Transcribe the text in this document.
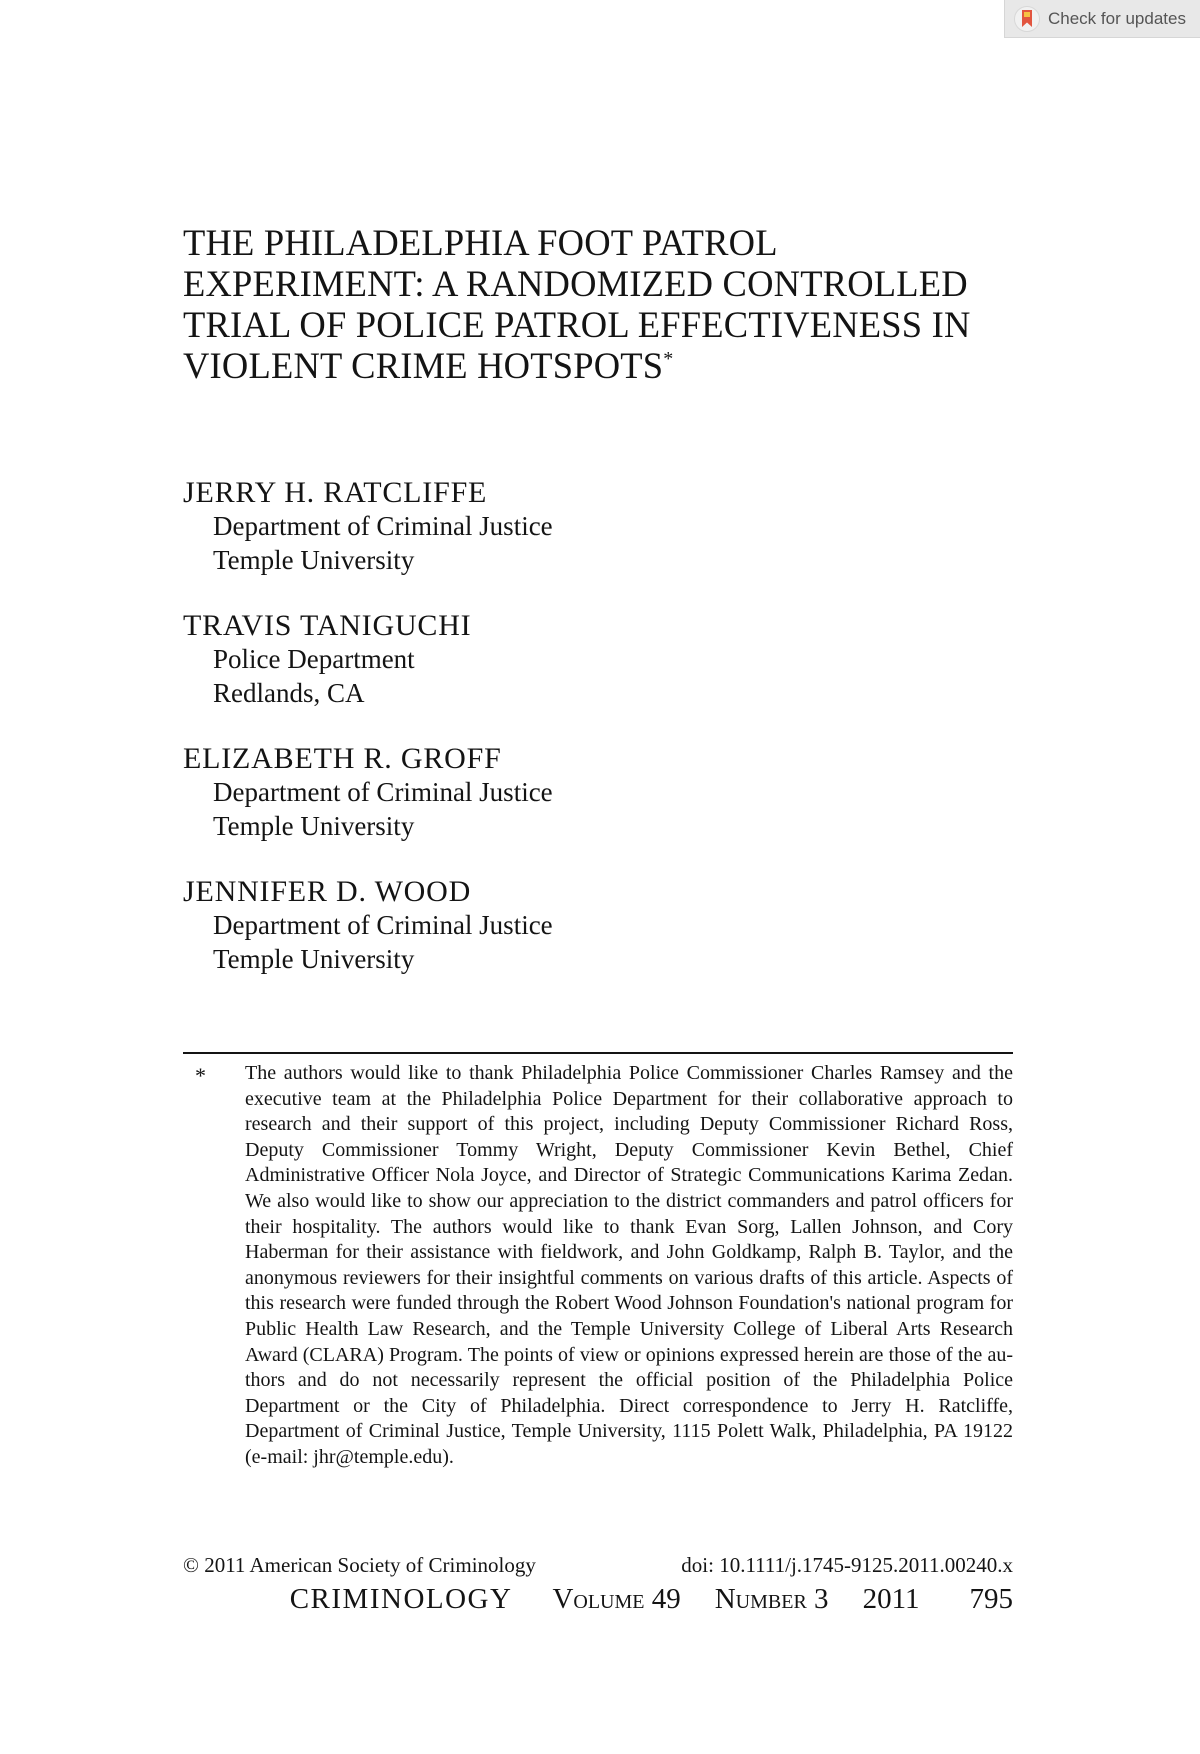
Check for updates
THE PHILADELPHIA FOOT PATROL EXPERIMENT: A RANDOMIZED CONTROLLED TRIAL OF POLICE PATROL EFFECTIVENESS IN VIOLENT CRIME HOTSPOTS*
JERRY H. RATCLIFFE
Department of Criminal Justice
Temple University
TRAVIS TANIGUCHI
Police Department
Redlands, CA
ELIZABETH R. GROFF
Department of Criminal Justice
Temple University
JENNIFER D. WOOD
Department of Criminal Justice
Temple University
* The authors would like to thank Philadelphia Police Commissioner Charles Ramsey and the executive team at the Philadelphia Police Department for their collaborative approach to research and their support of this project, including Deputy Commissioner Richard Ross, Deputy Commissioner Tommy Wright, Deputy Commissioner Kevin Bethel, Chief Administrative Officer Nola Joyce, and Director of Strategic Communications Karima Zedan. We also would like to show our appreciation to the district commanders and patrol officers for their hospitality. The authors would like to thank Evan Sorg, Lallen Johnson, and Cory Haberman for their assistance with fieldwork, and John Goldkamp, Ralph B. Taylor, and the anonymous reviewers for their insightful comments on various drafts of this article. Aspects of this research were funded through the Robert Wood Johnson Foundation's national program for Public Health Law Research, and the Temple University College of Liberal Arts Research Award (CLARA) Program. The points of view or opinions expressed herein are those of the authors and do not necessarily represent the official position of the Philadelphia Police Department or the City of Philadelphia. Direct correspondence to Jerry H. Ratcliffe, Department of Criminal Justice, Temple University, 1115 Polett Walk, Philadelphia, PA 19122 (e-mail: jhr@temple.edu).
© 2011 American Society of Criminology	doi: 10.1111/j.1745-9125.2011.00240.x
CRIMINOLOGY Volume 49 Number 3 2011 795
